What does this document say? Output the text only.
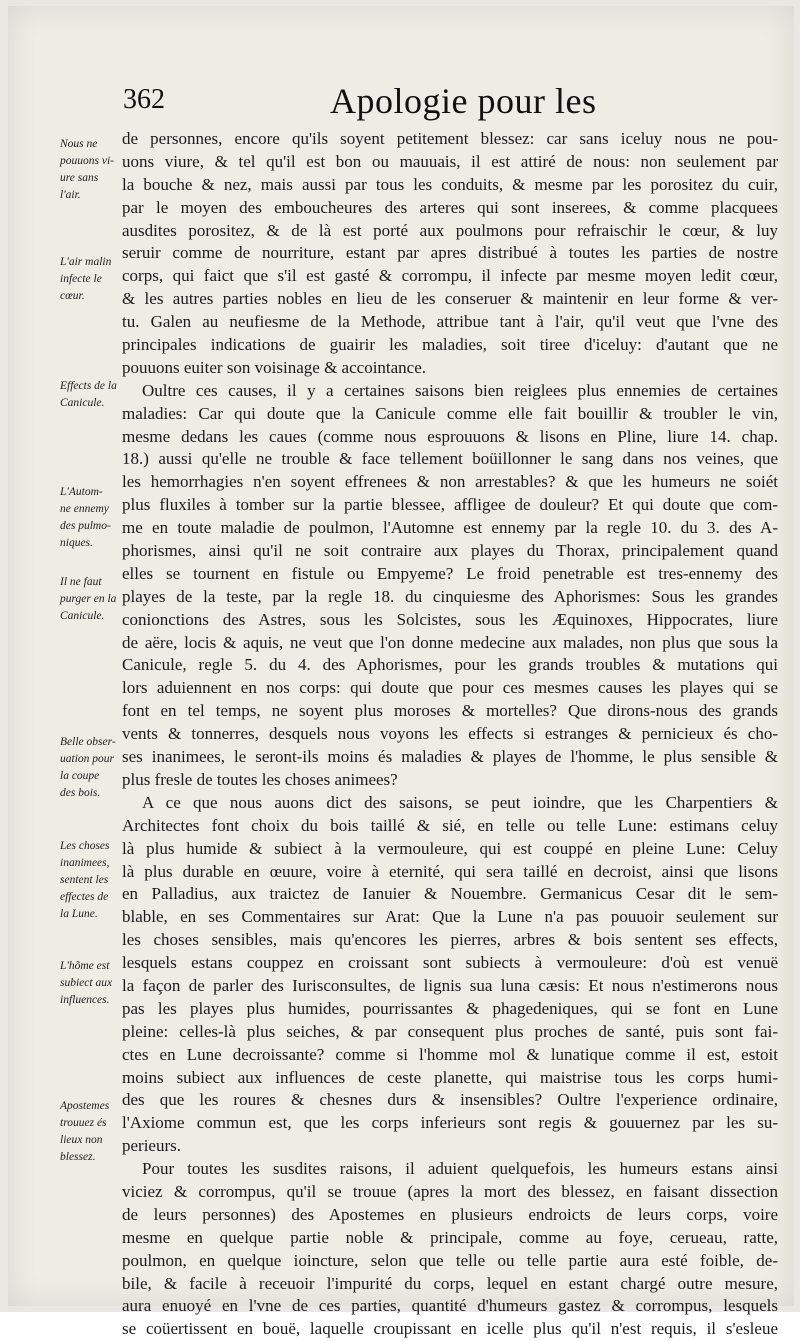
362	Apologie pour les
Nous ne
pouuons vi-
ure sans
l'air.
L'air malin
infecte le
cœur.
Effects de la
Canicule.
L'Autom-
ne ennemy
des pulmo-
niques.
Il ne faut
purger en la
Canicule.
Belle obser-
uation pour
la coupe
des bois.
Les choses
inanimees,
sentent les
effectes de
la Lune.
L'hõme est
subiect aux
influences.
Apostemes
trouuez és
lieux non
blessez.
de personnes, encore qu'ils soyent petitement blessez: car sans iceluy nous ne pou-
uons viure, & tel qu'il est bon ou mauuais, il est attiré de nous: non seulement par
la bouche & nez, mais aussi par tous les conduits, & mesme par les porositez du cuir,
par le moyen des emboucheures des arteres qui sont inserees, & comme placquees
ausdites porositez, & de là est porté aux poulmons pour refraischir le cœur, & luy
seruir comme de nourriture, estant par apres distribué à toutes les parties de nostre
corps, qui faict que s'il est gasté & corrompu, il infecte par mesme moyen ledit cœur,
& les autres parties nobles en lieu de les conseruer & maintenir en leur forme & ver-
tu. Galen au neufiesme de la Methode, attribue tant à l'air, qu'il veut que l'vne des
principales indications de guairir les maladies, soit tiree d'iceluy: d'autant que ne
pouuons euiter son voisinage & accointance.
Oultre ces causes, il y a certaines saisons bien reiglees plus ennemies de certaines
maladies: Car qui doute que la Canicule comme elle fait bouillir & troubler le vin,
mesme dedans les caues (comme nous esprouuons & lisons en Pline, liure 14. chap.
18.) aussi qu'elle ne trouble & face tellement boüillonner le sang dans nos veines, que
les hemorrhagies n'en soyent effrenees & non arrestables? & que les humeurs ne soiét
plus fluxiles à tomber sur la partie blessee, affligee de douleur? Et qui doute que com-
me en toute maladie de poulmon, l'Automne est ennemy par la regle 10. du 3. des A-
phorismes, ainsi qu'il ne soit contraire aux playes du Thorax, principalement quand
elles se tournent en fistule ou Empyeme? Le froid penetrable est tres-ennemy des
playes de la teste, par la regle 18. du cinquiesme des Aphorismes: Sous les grandes
conionctions des Astres, sous les Solcistes, sous les Æquinoxes, Hippocrates, liure
de aëre, locis & aquis, ne veut que l'on donne medecine aux malades, non plus que sous la
Canicule, regle 5. du 4. des Aphorismes, pour les grands troubles & mutations qui
lors aduiennent en nos corps: qui doute que pour ces mesmes causes les playes qui se
font en tel temps, ne soyent plus moroses & mortelles? Que dirons-nous des grands
vents & tonnerres, desquels nous voyons les effects si estranges & pernicieux és cho-
ses inanimees, le seront-ils moins és maladies & playes de l'homme, le plus sensible &
plus fresle de toutes les choses animees?
A ce que nous auons dict des saisons, se peut ioindre, que les Charpentiers &
Architectes font choix du bois taillé & sié, en telle ou telle Lune: estimans celuy
là plus humide & subiect à la vermouleure, qui est couppé en pleine Lune: Celuy
là plus durable en œuure, voire à eternité, qui sera taillé en decroist, ainsi que lisons
en Palladius, aux traictez de Ianuier & Nouembre. Germanicus Cesar dit le sem-
blable, en ses Commentaires sur Arat: Que la Lune n'a pas pouuoir seulement sur
les choses sensibles, mais qu'encores les pierres, arbres & bois sentent ses effects,
lesquels estans couppez en croissant sont subiects à vermouleure: d'où est venuë
la façon de parler des Iurisconsultes, de lignis sua luna cæsis: Et nous n'estimerons nous
pas les playes plus humides, pourrissantes & phagedeniques, qui se font en Lune
pleine: celles-là plus seiches, & par consequent plus proches de santé, puis sont fai-
ctes en Lune decroissante? comme si l'homme mol & lunatique comme il est, estoit
moins subiect aux influences de ceste planette, qui maistrise tous les corps humi-
des que les roures & chesnes durs & insensibles? Oultre l'experience ordinaire,
l'Axiome commun est, que les corps inferieurs sont regis & gouuernez par les su-
perieurs.
Pour toutes les susdites raisons, il aduient quelquefois, les humeurs estans ainsi
viciez & corrompus, qu'il se trouue (apres la mort des blessez, en faisant dissection
de leurs personnes) des Apostemes en plusieurs endroicts de leurs corps, voire
mesme en quelque partie noble & principale, comme au foye, cerueau, ratte,
poulmon, en quelque ioincture, selon que telle ou telle partie aura esté foible, de-
bile, & facile à receuoir l'impurité du corps, lequel en estant chargé outre mesure,
aura enuoyé en l'vne de ces parties, quantité d'humeurs gastez & corrompus, lesquels
se coüertissent en bouë, laquelle croupissant en icelle plus qu'il n'est requis, il s'esleue
